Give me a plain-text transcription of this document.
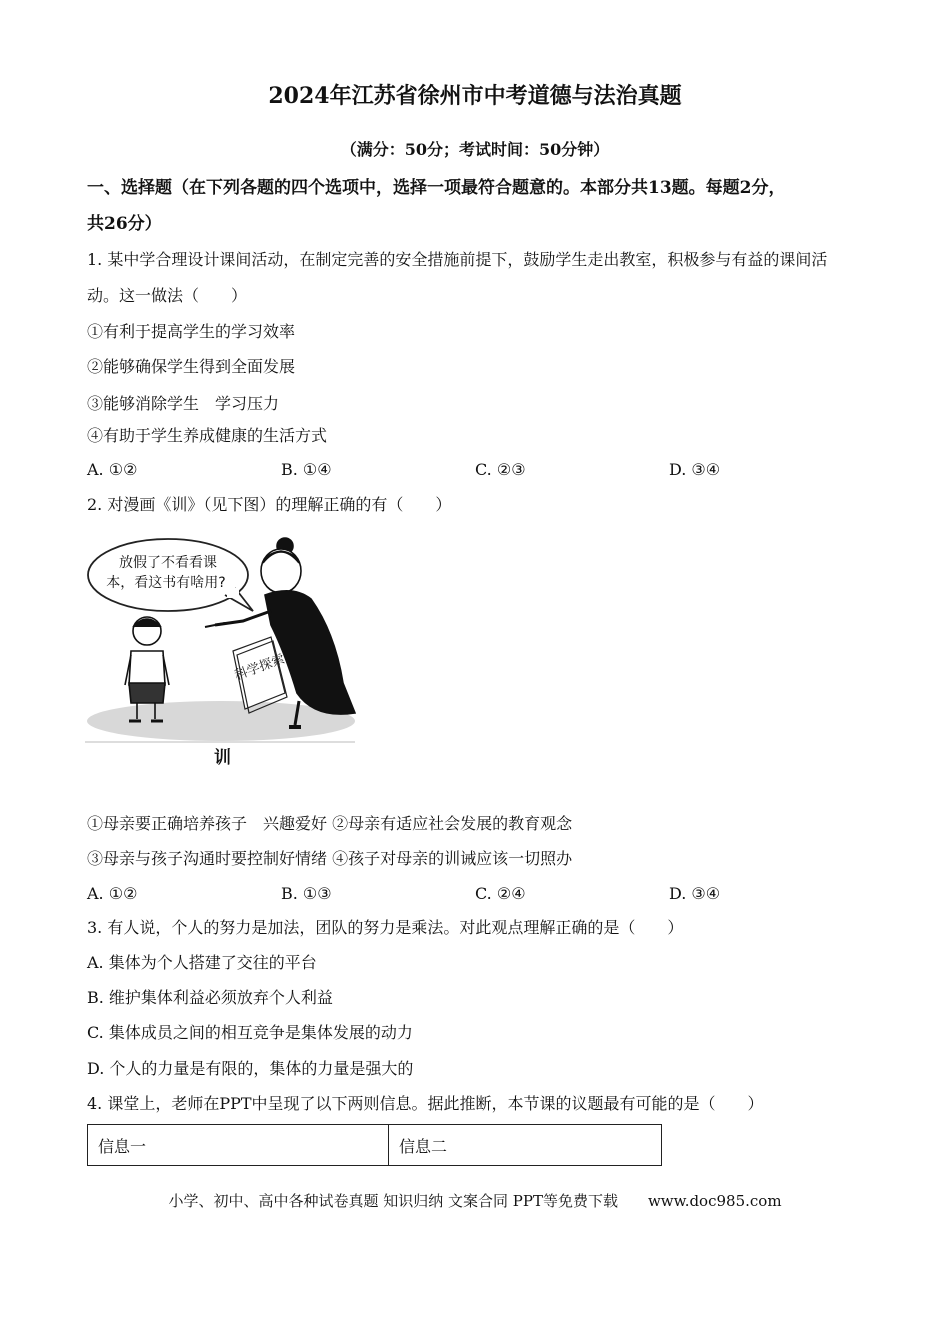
2024年江苏省徐州市中考道德与法治真题
（满分：50分；考试时间：50分钟）
一、选择题（在下列各题的四个选项中，选择一项最符合题意的。本部分共13题。每题2分，
共26分）
1. 某中学合理设计课间活动，在制定完善的安全措施前提下，鼓励学生走出教室，积极参与有益的课间活
动。这一做法（　　）
①有利于提高学生的学习效率
②能够确保学生得到全面发展
③能够消除学生　学习压力
④有助于学生养成健康的生活方式
A. ①②	B. ①④	C. ②③	D. ③④
2. 对漫画《训》（见下图）的理解正确的有（　　）
放假了不看看课
本，看这书有啥用?
科学探索
训
①母亲要正确培养孩子　兴趣爱好 ②母亲有适应社会发展的教育观念
③母亲与孩子沟通时要控制好情绪 ④孩子对母亲的训诫应该一切照办
A. ①②	B. ①③	C. ②④	D. ③④
3. 有人说，个人的努力是加法，团队的努力是乘法。对此观点理解正确的是（　　）
A. 集体为个人搭建了交往的平台
B. 维护集体利益必须放弃个人利益
C. 集体成员之间的相互竞争是集体发展的动力
D. 个人的力量是有限的，集体的力量是强大的
4. 课堂上，老师在PPT中呈现了以下两则信息。据此推断，本节课的议题最有可能的是（　　）
信息一	信息二
小学、初中、高中各种试卷真题 知识归纳 文案合同 PPT等免费下载　　www.doc985.com
